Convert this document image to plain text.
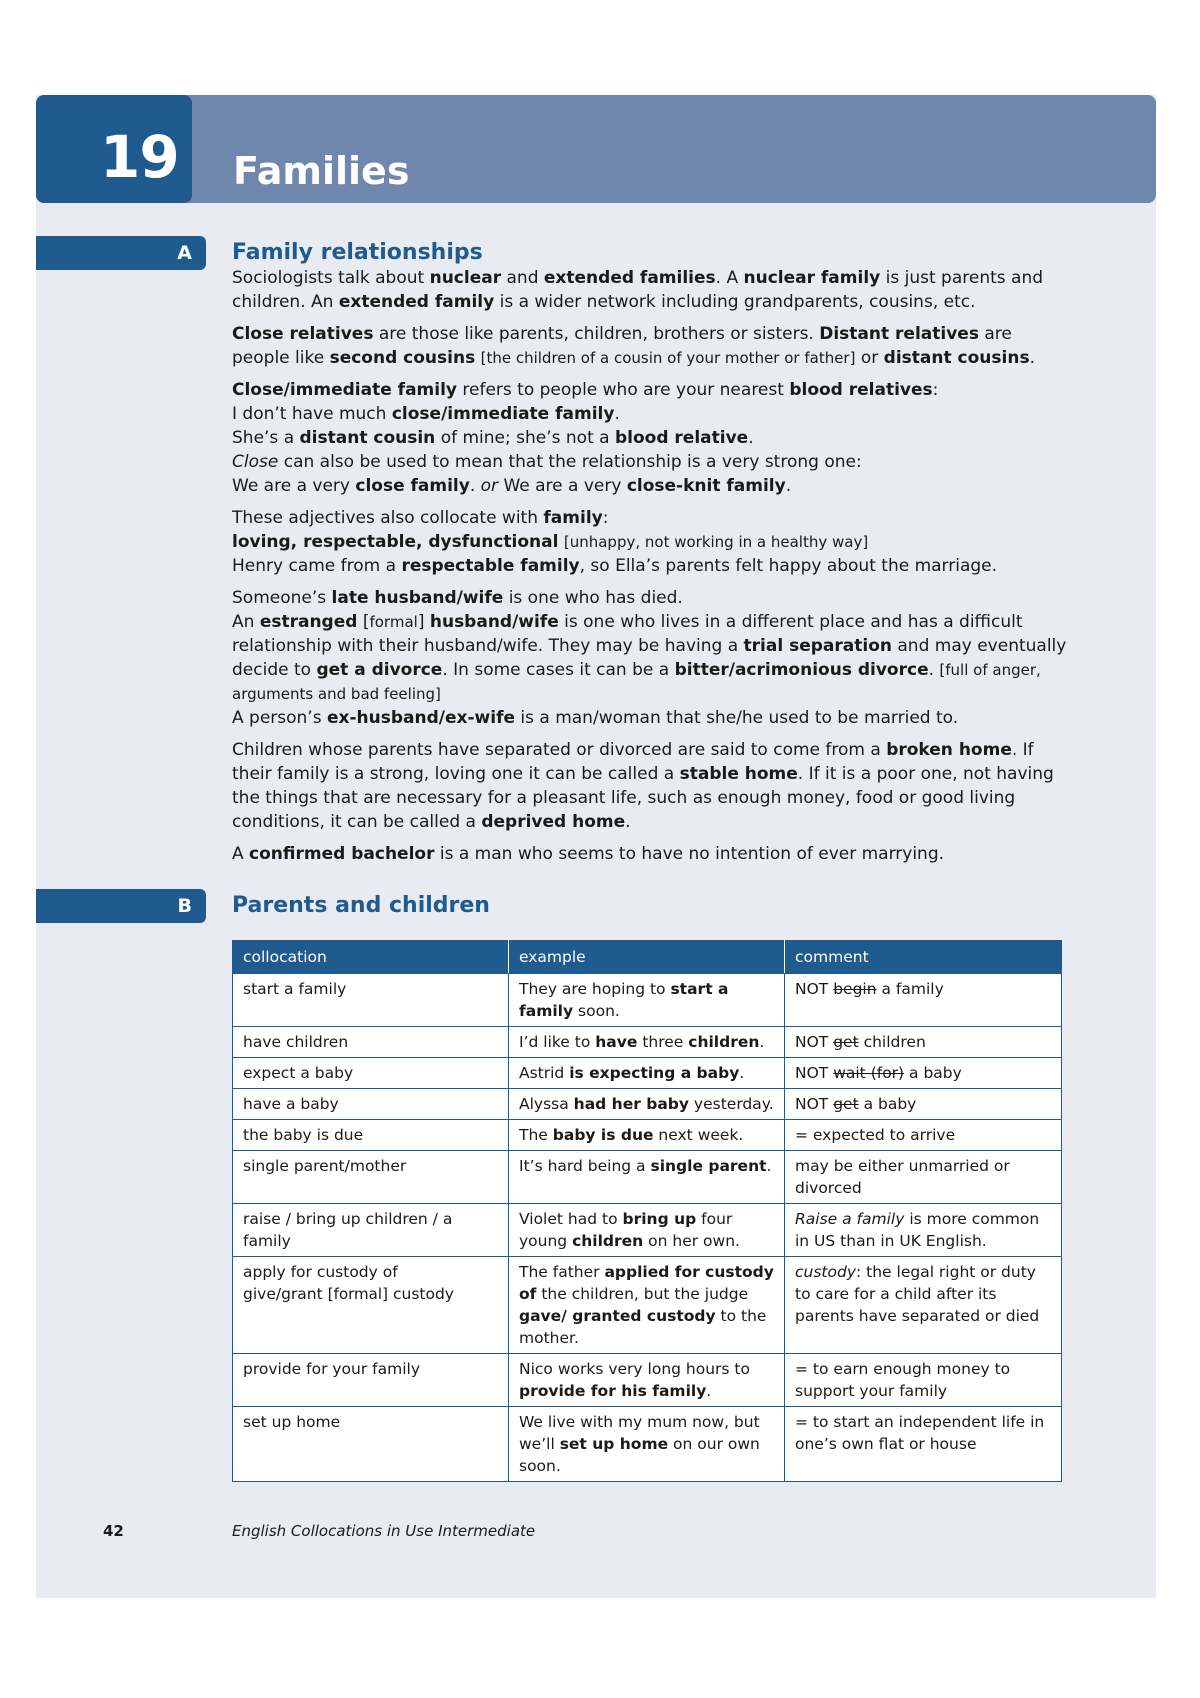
19 Families
A Family relationships

Sociologists talk about nuclear and extended families. A nuclear family is just parents and children. An extended family is a wider network including grandparents, cousins, etc.

Close relatives are those like parents, children, brothers or sisters. Distant relatives are people like second cousins [the children of a cousin of your mother or father] or distant cousins.

Close/immediate family refers to people who are your nearest blood relatives:
I don’t have much close/immediate family.
She’s a distant cousin of mine; she’s not a blood relative.
Close can also be used to mean that the relationship is a very strong one:
We are a very close family. or We are a very close-knit family.

These adjectives also collocate with family:
loving, respectable, dysfunctional [unhappy, not working in a healthy way]
Henry came from a respectable family, so Ella’s parents felt happy about the marriage.

Someone’s late husband/wife is one who has died.
An estranged [formal] husband/wife is one who lives in a different place and has a difficult relationship with their husband/wife. They may be having a trial separation and may eventually decide to get a divorce. In some cases it can be a bitter/acrimonious divorce. [full of anger, arguments and bad feeling]
A person’s ex-husband/ex-wife is a man/woman that she/he used to be married to.

Children whose parents have separated or divorced are said to come from a broken home. If their family is a strong, loving one it can be called a stable home. If it is a poor one, not having the things that are necessary for a pleasant life, such as enough money, food or good living conditions, it can be called a deprived home.

A confirmed bachelor is a man who seems to have no intention of ever marrying.

B Parents and children
collocation	example	comment
start a family	They are hoping to start a family soon.	NOT begin a family
have children	I’d like to have three children.	NOT get children
expect a baby	Astrid is expecting a baby.	NOT wait (for) a baby
have a baby	Alyssa had her baby yesterday.	NOT get a baby
the baby is due	The baby is due next week.	= expected to arrive
single parent/mother	It’s hard being a single parent.	may be either unmarried or divorced
raise / bring up children / a family	Violet had to bring up four young children on her own.	Raise a family is more common in US than in UK English.
apply for custody of
give/grant [formal] custody	The father applied for custody of the children, but the judge gave/ granted custody to the mother.	custody: the legal right or duty to care for a child after its parents have separated or died
provide for your family	Nico works very long hours to provide for his family.	= to earn enough money to support your family
set up home	We live with my mum now, but we’ll set up home on our own soon.	= to start an independent life in one’s own flat or house
42	English Collocations in Use Intermediate
